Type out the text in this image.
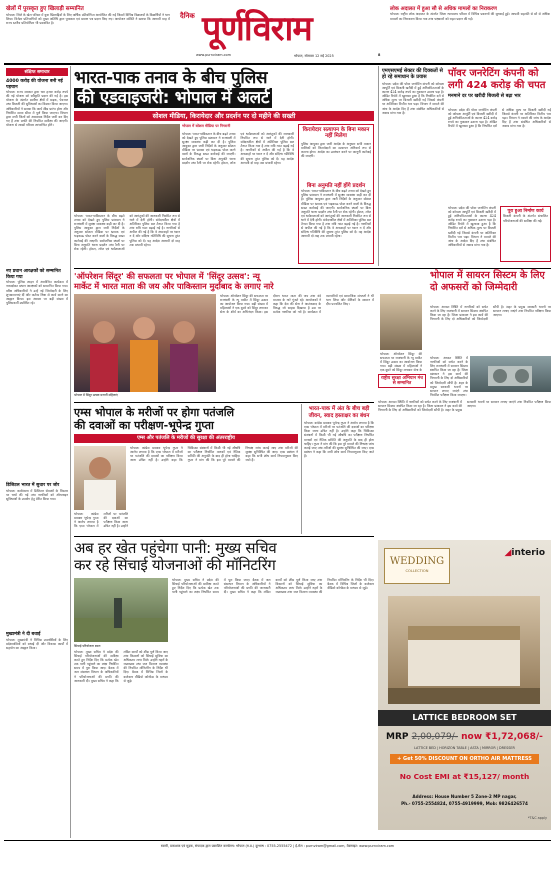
खेलों में पुरस्कृत हुए खिलाड़ी सम्मानित
भोपाल। जिले के खेल परिसर में युवा खिलाड़ियों के लिए वार्षिक प्रतियोगिता आयोजित की गई जिसमें विभिन्न विद्यालयों के विद्यार्थियों ने भाग लिया। विजेता प्रतिभागियों को मुख्य अतिथि द्वारा पुरस्कार एवं प्रमाण पत्र प्रदान किए गए। आयोजन समिति ने बताया कि आगामी माह में राज्य स्तरीय प्रतियोगिता भी प्रस्तावित है।
दैनिक पूर्णविराम
www.purnviram.com	भोपाल, सोमवार 12 मई 2025	8
लोक अदालत में हुआ सौ से अधिक मामलों का निराकरण
भोपाल। राष्ट्रीय लोक अदालत के अंतर्गत जिला न्यायालय परिसर में विभिन्न प्रकरणों की सुनवाई हुई। आपसी सहमति से सौ से अधिक मामलों का निराकरण किया गया तथा पक्षकारों को राहत प्रदान की गई।
संक्षिप्त समाचार
4000 करोड़ की योजना बनी नई पहचान
भोपाल। राज्य सरकार द्वारा चार हजार करोड़ रुपये की नई योजना को स्वीकृति प्रदान की गई है। इस योजना के अंतर्गत ग्रामीण क्षेत्रों में सड़क, पेयजल तथा बिजली की सुविधाओं का विस्तार किया जाएगा। अधिकारियों ने बताया कि कार्य शीघ्र प्रारंभ होगा और निर्धारित समय सीमा में पूर्ण किया जाएगा। विभाग द्वारा सभी जिलों को आवश्यक निर्देश जारी कर दिए गए हैं तथा प्रगति की नियमित समीक्षा की जाएगी। योजना से लाखों परिवार लाभान्वित होंगे।
नए प्रधान आरक्षकों को सम्मानित किया गया
भोपाल। पुलिस लाइन में आयोजित कार्यक्रम में नवपदोन्नत प्रधान आरक्षकों को सम्मानित किया गया। वरिष्ठ अधिकारियों ने उन्हें नई जिम्मेदारी के लिए शुभकामनाएं दीं और कर्तव्य निष्ठा से कार्य करने का आह्वान किया। इस अवसर पर बड़ी संख्या में पुलिसकर्मी उपस्थित रहे।
डिजिटल भारत में सुधार पर जोर
भोपाल। कार्यशाला में डिजिटल सेवाओं के विस्तार पर चर्चा की गई तथा नागरिकों को ऑनलाइन सुविधाओं के उपयोग हेतु प्रेरित किया गया।
मुख्यमंत्री ने दी बधाई
भोपाल। मुख्यमंत्री ने विभिन्न उपलब्धियों के लिए प्रदेशवासियों को बधाई दी और विकास कार्यों में सहयोग का आह्वान किया।
भारत-पाक तनाव के बीच पुलिस
की एडवाइजरी: भोपाल में अलर्ट
सोशल मीडिया, किरायेदार और प्रदर्शन पर दो महीने की सख्ती
भोपाल में सोशल मीडिया पर निगरानी
भोपाल। भारत-पाकिस्तान के बीच बढ़ते तनाव को देखते हुए पुलिस प्रशासन ने राजधानी में सुरक्षा व्यवस्था कड़ी कर दी है। पुलिस आयुक्त द्वारा जारी निर्देशों के अनुसार सोशल मीडिया पर भ्रामक एवं भड़काऊ पोस्ट करने वालों के विरुद्ध सख्त कार्रवाई की जाएगी। सार्वजनिक स्थलों पर बिना अनुमति धरना प्रदर्शन तथा रैली पर रोक रहेगी। होटल, लॉज एवं धर्मशालाओं को आगंतुकों की जानकारी नियमित रूप से थाने में देनी होगी। संवेदनशील क्षेत्रों में अतिरिक्त पुलिस बल तैनात किया गया है तथा रात्रि गश्त बढ़ाई गई है। नागरिकों से अपील की गई है कि वे अफवाहों पर ध्यान न दें और संदिग्ध गतिविधि की सूचना तुरंत पुलिस को दें। यह आदेश आगामी दो माह तक प्रभावी रहेगा।
किरायेदार सत्यापन के बिना मकान नहीं मिलेगा
पुलिस आयुक्त द्वारा जारी आदेश के अनुसार सभी मकान मालिकों को किरायेदारों का सत्यापन अनिवार्य रूप से कराना होगा। आदेश का उल्लंघन करने पर कानूनी कार्रवाई की जाएगी।
बिना अनुमति नहीं होंगे प्रदर्शन
भोपाल। भारत-पाकिस्तान के बीच बढ़ते तनाव को देखते हुए पुलिस प्रशासन ने राजधानी में सुरक्षा व्यवस्था कड़ी कर दी है। पुलिस आयुक्त द्वारा जारी निर्देशों के अनुसार सोशल मीडिया पर भ्रामक एवं भड़काऊ पोस्ट करने वालों के विरुद्ध सख्त कार्रवाई की जाएगी। सार्वजनिक स्थलों पर बिना अनुमति धरना प्रदर्शन तथा रैली पर रोक रहेगी। होटल, लॉज एवं धर्मशालाओं को आगंतुकों की जानकारी नियमित रूप से थाने में देनी होगी। संवेदनशील क्षेत्रों में अतिरिक्त पुलिस बल तैनात किया गया है तथा रात्रि गश्त बढ़ाई गई है। नागरिकों से अपील की गई है कि वे अफवाहों पर ध्यान न दें और संदिग्ध गतिविधि की सूचना तुरंत पुलिस को दें। यह आदेश आगामी दो माह तक प्रभावी रहेगा।
भोपाल। भारत-पाकिस्तान के बीच बढ़ते तनाव को देखते हुए पुलिस प्रशासन ने राजधानी में सुरक्षा व्यवस्था कड़ी कर दी है। पुलिस आयुक्त द्वारा जारी निर्देशों के अनुसार सोशल मीडिया पर भ्रामक एवं भड़काऊ पोस्ट करने वालों के विरुद्ध सख्त कार्रवाई की जाएगी। सार्वजनिक स्थलों पर बिना अनुमति धरना प्रदर्शन तथा रैली पर रोक रहेगी। होटल, लॉज एवं धर्मशालाओं को आगंतुकों की जानकारी नियमित रूप से थाने में देनी होगी। संवेदनशील क्षेत्रों में अतिरिक्त पुलिस बल तैनात किया गया है तथा रात्रि गश्त बढ़ाई गई है। नागरिकों से अपील की गई है कि वे अफवाहों पर ध्यान न दें और संदिग्ध गतिविधि की सूचना तुरंत पुलिस को दें। यह आदेश आगामी दो माह तक प्रभावी रहेगा।
एमएसएमई सेक्टर की दिक्कतों से हो रहे समाधान के प्रयास
भोपाल। प्रदेश की पॉवर जनरेटिंग कंपनी को कोयला आपूर्ति एवं बिजली खरीदी में हुई अनियमितताओं के कारण 424 करोड़ रुपये का नुकसान उठाना पड़ा है। ऑडिट रिपोर्ट में खुलासा हुआ है कि निर्धारित दरों से अधिक मूल्य पर बिजली खरीदी गई जिससे कंपनी पर अतिरिक्त वित्तीय भार पड़ा। विभाग ने मामले की जांच के आदेश दिए हैं तथा संबंधित अधिकारियों से जवाब मांगा गया है।
पॉवर जनरेटिंग कंपनी को लगी 424 करोड़ की चपत
मनमाने दर पर खरीदी बिजली से बढ़ा भार
भोपाल। प्रदेश की पॉवर जनरेटिंग कंपनी को कोयला आपूर्ति एवं बिजली खरीदी में हुई अनियमितताओं के कारण 424 करोड़ रुपये का नुकसान उठाना पड़ा है। ऑडिट रिपोर्ट में खुलासा हुआ है कि निर्धारित दरों से अधिक मूल्य पर बिजली खरीदी गई जिससे कंपनी पर अतिरिक्त वित्तीय भार पड़ा। विभाग ने मामले की जांच के आदेश दिए हैं तथा संबंधित अधिकारियों से जवाब मांगा गया है।
पूरा हुआ निर्माण कार्य
बिजली कंपनी के अंतर्गत संचालित परियोजनाओं की समीक्षा की गई।
भोपाल। प्रदेश की पॉवर जनरेटिंग कंपनी को कोयला आपूर्ति एवं बिजली खरीदी में हुई अनियमितताओं के कारण 424 करोड़ रुपये का नुकसान उठाना पड़ा है। ऑडिट रिपोर्ट में खुलासा हुआ है कि निर्धारित दरों से अधिक मूल्य पर बिजली खरीदी गई जिससे कंपनी पर अतिरिक्त वित्तीय भार पड़ा। विभाग ने मामले की जांच के आदेश दिए हैं तथा संबंधित अधिकारियों से जवाब मांगा गया है।
'ऑपरेशन सिंदूर' की सफलता पर भोपाल में 'सिंदूर उत्सव': न्यू
मार्केट में भारत माता की जय और पाकिस्तान मुर्दाबाद के लगाए नारे
भोपाल में सिंदूर उत्सव मनातीं महिलाएं
भोपाल। ऑपरेशन सिंदूर की सफलता पर राजधानी के न्यू मार्केट में सिंदूर उत्सव का आयोजन किया गया। बड़ी संख्या में महिलाओं ने एक दूसरे को सिंदूर लगाकर सेना के शौर्य का अभिनंदन किया। इस दौरान भारत माता की जय तथा वंदे मातरम के नारे गूंजते रहे। आयोजकों ने कहा कि देश की सेना ने आतंकवाद के विरुद्ध जो साहस दिखाया है उस पर प्रत्येक नागरिक को गर्व है। कार्यक्रम में व्यापारियों एवं सामाजिक संगठनों ने भी भाग लिया और सैनिकों के सम्मान में दीप प्रज्वलित किए।
भोपाल। ऑपरेशन सिंदूर की सफलता पर राजधानी के न्यू मार्केट में सिंदूर उत्सव का आयोजन किया गया। बड़ी संख्या में महिलाओं ने एक दूसरे को सिंदूर लगाकर सेना के
राष्ट्रीय सुरक्षा अभियान मंच से सम्मानित
भोपाल में सायरन सिस्टम के लिए दो अफसरों को जिम्मेदारी
भोपाल। आपात स्थिति में नागरिकों को सचेत करने के लिए राजधानी में सायरन सिस्टम स्थापित किया जा रहा है। जिला प्रशासन ने इस कार्य की निगरानी के लिए दो अधिकारियों को जिम्मेदारी सौंपी है। शहर के प्रमुख सरकारी भवनों पर सायरन लगाए जाएंगे तथा नियमित परीक्षण किया जाएगा।
भोपाल। आपात स्थिति में नागरिकों को सचेत करने के लिए राजधानी में सायरन सिस्टम स्थापित किया जा रहा है। जिला प्रशासन ने इस कार्य की निगरानी के लिए दो अधिकारियों को जिम्मेदारी सौंपी है। शहर के प्रमुख सरकारी भवनों पर सायरन लगाए जाएंगे तथा नियमित परीक्षण किया जाएगा।
एम्स भोपाल के मरीजों पर होगा पतंजलि
की दवाओं का परीक्षण-भूपेन्द्र गुप्ता
एम्स और पतंजलि के मरीजों की सुरक्षा की अंतरराष्ट्रीय
भोपाल। कांग्रेस प्रवक्ता भूपेन्द्र गुप्ता ने आरोप लगाया है कि एम्स भोपाल में मरीजों पर पतंजलि की दवाओं का परीक्षण किया जाना उचित नहीं है। उन्होंने कहा कि चिकित्सा संस्थानों में किसी भी नई औषधि का परीक्षण निर्धारित मानकों एवं नैतिक समिति की अनुमति के बाद ही होना चाहिए। गुप्ता ने मांग की कि इस पूरे मामले की निष्पक्ष जांच कराई जाए तथा मरीजों की सुरक्षा सुनिश्चित की जाए। एम्स प्रबंधन ने कहा कि सभी शोध कार्य नियमानुसार किए जाते हैं।
भोपाल। कांग्रेस प्रवक्ता भूपेन्द्र गुप्ता ने आरोप लगाया है कि एम्स भोपाल में मरीजों पर पतंजलि की दवाओं का परीक्षण किया जाना उचित नहीं है। उन्होंने
भारत-पाक में अंत के बीच बड़ी जीवन, स्वाद हस्ताक्षर का बंधन
भोपाल। कांग्रेस प्रवक्ता भूपेन्द्र गुप्ता ने आरोप लगाया है कि एम्स भोपाल में मरीजों पर पतंजलि की दवाओं का परीक्षण किया जाना उचित नहीं है। उन्होंने कहा कि चिकित्सा संस्थानों में किसी भी नई औषधि का परीक्षण निर्धारित मानकों एवं नैतिक समिति की अनुमति के बाद ही होना चाहिए। गुप्ता ने मांग की कि इस पूरे मामले की निष्पक्ष जांच कराई जाए तथा मरीजों की सुरक्षा सुनिश्चित की जाए। एम्स प्रबंधन ने कहा कि सभी शोध कार्य नियमानुसार किए जाते हैं।
भोपाल। आपात स्थिति में नागरिकों को सचेत करने के लिए राजधानी में सायरन सिस्टम स्थापित किया जा रहा है। जिला प्रशासन ने इस कार्य की निगरानी के लिए दो अधिकारियों को जिम्मेदारी सौंपी है। शहर के प्रमुख सरकारी भवनों पर सायरन लगाए जाएंगे तथा नियमित परीक्षण किया जाएगा।
अब हर खेत पहुंचेगा पानी: मुख्य सचिव
कर रहे सिंचाई योजनाओं की मॉनिटरिंग
सिंचाई परियोजना स्थल
भोपाल। मुख्य सचिव ने प्रदेश की सिंचाई परियोजनाओं की समीक्षा करते हुए निर्देश दिए कि प्रत्येक खेत तक पानी पहुंचाने का लक्ष्य निर्धारित समय में पूरा किया जाए। बैठक में जल संसाधन विभाग के अधिकारियों ने परियोजनाओं की प्रगति की जानकारी दी। मुख्य सचिव ने कहा कि लंबित कार्यों को शीघ्र पूर्ण किया जाए तथा किसानों को सिंचाई सुविधा का अधिकतम लाभ मिले। उन्होंने नहरों के रखरखाव तथा जल वितरण व्यवस्था की नियमित मॉनिटरिंग के निर्देश भी दिए। बैठक में विभिन्न जिलों के कलेक्टर वीडियो कॉन्फ्रेंस के माध्यम से जुड़े।
भोपाल। मुख्य सचिव ने प्रदेश की सिंचाई परियोजनाओं की समीक्षा करते हुए निर्देश दिए कि प्रत्येक खेत तक पानी पहुंचाने का लक्ष्य निर्धारित समय में पूरा किया जाए। बैठक में जल संसाधन विभाग के अधिकारियों ने परियोजनाओं की प्रगति की जानकारी दी। मुख्य सचिव ने कहा कि लंबित कार्यों को शीघ्र पूर्ण किया जाए तथा किसानों को सिंचाई सुविधा का अधिकतम लाभ मिले। उन्होंने नहरों के रखरखाव तथा जल वितरण व्यवस्था की नियमित मॉनिटरिंग के निर्देश भी दिए। बैठक में विभिन्न जिलों के कलेक्टर वीडियो कॉन्फ्रेंस के माध्यम से जुड़े।
WEDDING
COLLECTION
◢interio
LATTICE BEDROOM SET
MRP 2,00,079/- now ₹1,72,068/-
LATTICE BED | HORIZON TABLE | ASTA | MIRROR | DRESSER
+ Get 50% DISCOUNT ON ORTHO AIR MATTRESS
No Cost EMI at ₹15,127/ month
Address: House Number 5 Zone-2 MP nagar,
Ph.- 0755-2554824, 0755-4919999, Mob: 9826426574
*T&C apply
स्वामी, प्रकाशक एवं मुद्रक, संपादक द्वारा प्रकाशित कार्यालय: भोपाल (म.प्र.) दूरभाष : 0755-2555472 | ई-मेल : purnviram@gmail.com, वेबसाइट: www.purnviram.com
